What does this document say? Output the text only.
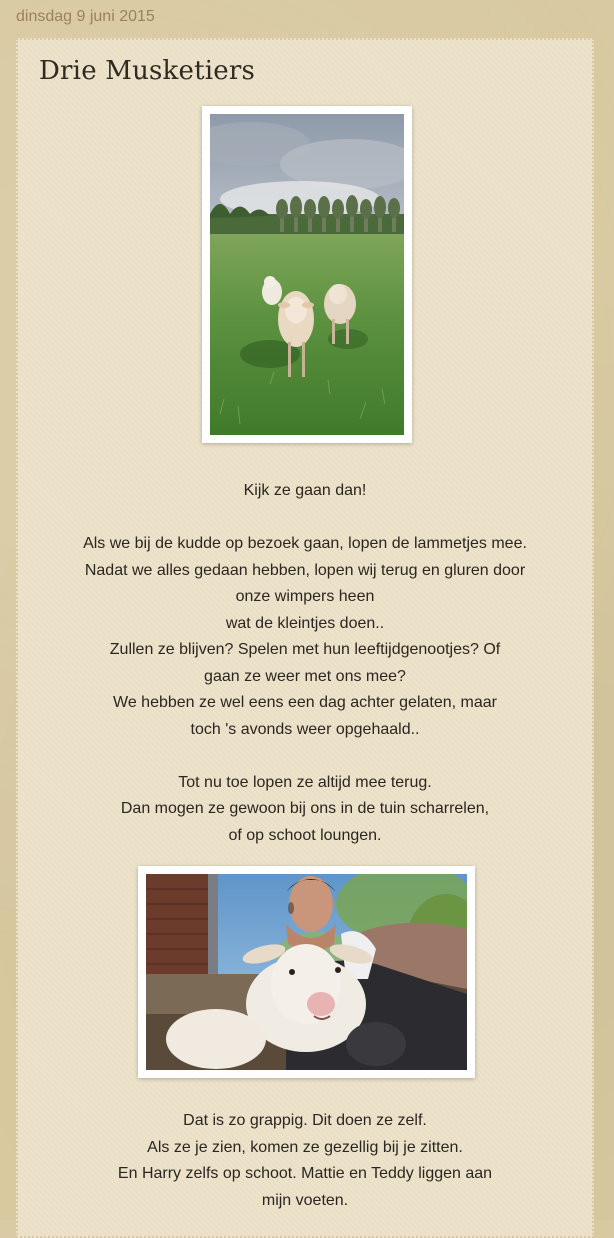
dinsdag 9 juni 2015
Drie Musketiers

Kijk ze gaan dan!

Als we bij de kudde op bezoek gaan, lopen de lammetjes mee.

Nadat we alles gedaan hebben, lopen wij terug en gluren door

onze wimpers heen

wat de kleintjes doen..

Zullen ze blijven? Spelen met hun leeftijdgenootjes? Of

gaan ze weer met ons mee?

We hebben ze wel eens een dag achter gelaten, maar

toch 's avonds weer opgehaald..

Tot nu toe lopen ze altijd mee terug.

Dan mogen ze gewoon bij ons in de tuin scharrelen,

of op schoot loungen.

Dat is zo grappig. Dit doen ze zelf.

Als ze je zien, komen ze gezellig bij je zitten.

En Harry zelfs op schoot. Mattie en Teddy liggen aan

mijn voeten.
